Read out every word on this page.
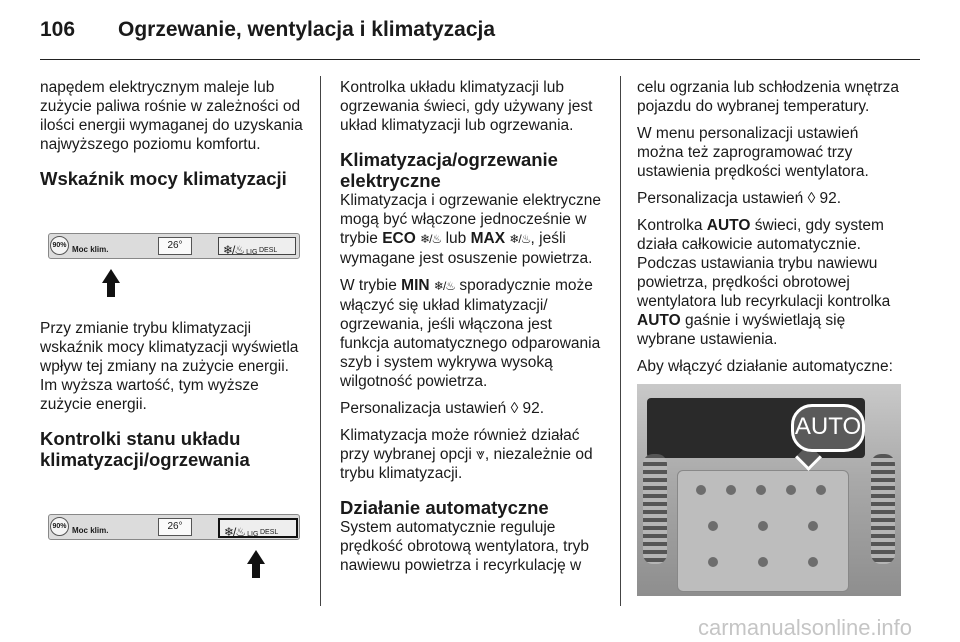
106 Ogrzewanie, wentylacja i klimatyzacja

napędem elektrycznym maleje lub zużycie paliwa rośnie w zależności od ilości energii wymaganej do uzyskania najwyższego poziomu komfortu.

Wskaźnik mocy klimatyzacji
90% Moc klim.	26°	❄/♨ LIG DESL

Przy zmianie trybu klimatyzacji wskaźnik mocy klimatyzacji wyświetla wpływ tej zmiany na zużycie energii. Im wyższa wartość, tym wyższe zużycie energii.

Kontrolki stanu układu klimatyzacji/ogrzewania
90% Moc klim.	26°	❄/♨ LIG DESL

Kontrolka układu klimatyzacji lub ogrzewania świeci, gdy używany jest układ klimatyzacji lub ogrzewania.

Klimatyzacja/ogrzewanie elektryczne

Klimatyzacja i ogrzewanie elektryczne mogą być włączone jednocześnie w trybie ECO ❄/♨ lub MAX ❄/♨, jeśli wymagane jest osuszenie powietrza.

W trybie MIN ❄/♨ sporadycznie może włączyć się układ klimatyzacji/ ogrzewania, jeśli włączona jest funkcja automatycznego odparowania szyb i system wykrywa wysoką wilgotność powietrza.

Personalizacja ustawień ◊ 92.

Klimatyzacja może również działać przy wybranej opcji ⩔, niezależnie od trybu klimatyzacji.

Działanie automatyczne

System automatycznie reguluje prędkość obrotową wentylatora, tryb nawiewu powietrza i recyrkulację w

celu ogrzania lub schłodzenia wnętrza pojazdu do wybranej temperatury.

W menu personalizacji ustawień można też zaprogramować trzy ustawienia prędkości wentylatora.

Personalizacja ustawień ◊ 92.

Kontrolka AUTO świeci, gdy system działa całkowicie automatycznie. Podczas ustawiania trybu nawiewu powietrza, prędkości obrotowej wentylatora lub recyrkulacji kontrolka AUTO gaśnie i wyświetlają się wybrane ustawienia.

Aby włączyć działanie automatyczne:

AUTO
carmanualsonline.info
